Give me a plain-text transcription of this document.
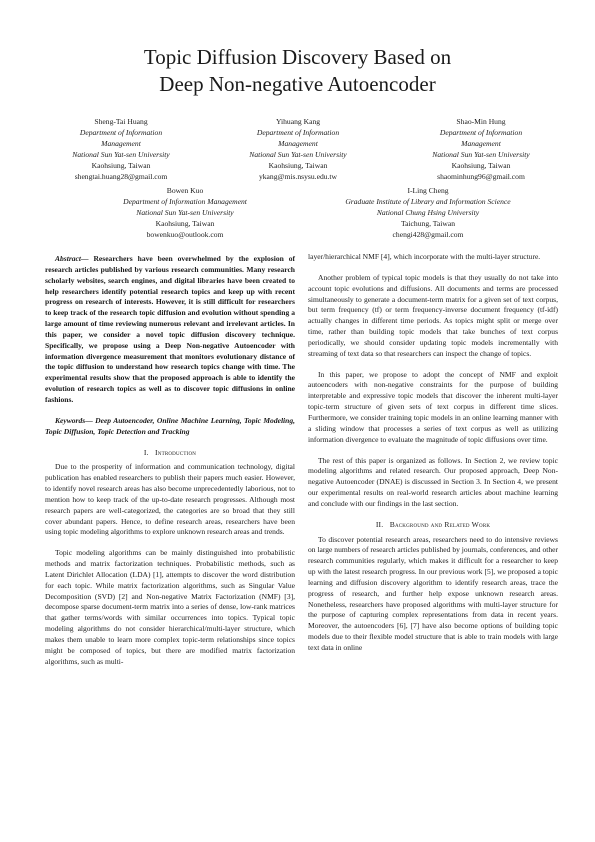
Topic Diffusion Discovery Based on
Deep Non-negative Autoencoder
Sheng-Tai Huang
Department of Information
Management
National Sun Yat-sen University
Kaohsiung, Taiwan
shengtai.huang28@gmail.com
Yihuang Kang
Department of Information
Management
National Sun Yat-sen University
Kaohsiung, Taiwan
ykang@mis.nsysu.edu.tw
Shao-Min Hung
Department of Information
Management
National Sun Yat-sen University
Kaohsiung, Taiwan
shaominhung96@gmail.com
Bowen Kuo
Department of Information Management
National Sun Yat-sen University
Kaohsiung, Taiwan
bowenkuo@outlook.com
I-Ling Cheng
Graduate Institute of Library and Information Science
National Chung Hsing University
Taichung, Taiwan
chengi428@gmail.com

Abstract— Researchers have been overwhelmed by the explosion of research articles published by various research communities. Many research scholarly websites, search engines, and digital libraries have been created to help researchers identify potential research topics and keep up with recent progress on research of interests. However, it is still difficult for researchers to keep track of the research topic diffusion and evolution without spending a large amount of time reviewing numerous relevant and irrelevant articles. In this paper, we consider a novel topic diffusion discovery technique. Specifically, we propose using a Deep Non-negative Autoencoder with information divergence measurement that monitors evolutionary distance of the topic diffusion to understand how research topics change with time. The experimental results show that the proposed approach is able to identify the evolution of research topics as well as to discover topic diffusions in online fashions.

Keywords— Deep Autoencoder, Online Machine Learning, Topic Modeling, Topic Diffusion, Topic Detection and Tracking

I. Introduction

Due to the prosperity of information and communication technology, digital publication has enabled researchers to publish their papers much easier. However, to identify novel research areas has also become unprecedentedly laborious, not to mention how to keep track of the up-to-date research progresses. Although most research papers are well-categorized, the categories are so broad that they still cover abundant papers. Hence, to define research areas, researchers have been using topic modeling algorithms to explore unknown research areas and trends.

Topic modeling algorithms can be mainly distinguished into probabilistic methods and matrix factorization techniques. Probabilistic methods, such as Latent Dirichlet Allocation (LDA) [1], attempts to discover the word distribution for each topic. While matrix factorization algorithms, such as Singular Value Decomposition (SVD) [2] and Non-negative Matrix Factorization (NMF) [3], decompose sparse document-term matrix into a series of dense, low-rank matrices that gather terms/words with similar occurrences into topics. Typical topic modeling algorithms do not consider hierarchical/multi-layer structure, which makes them unable to learn more complex topic-term relationships since topics might be composed of topics, but there are modified matrix factorization algorithms, such as multi-

layer/hierarchical NMF [4], which incorporate with the multi-layer structure.

Another problem of typical topic models is that they usually do not take into account topic evolutions and diffusions. All documents and terms are processed simultaneously to generate a document-term matrix for a given set of text corpus, but term frequency (tf) or term frequency-inverse document frequency (tf-idf) actually changes in different time periods. As topics might split or merge over time, rather than building topic models that take bunches of text corpus periodically, we should consider updating topic models incrementally with streaming of text data so that researchers can inspect the change of topics.

In this paper, we propose to adopt the concept of NMF and exploit autoencoders with non-negative constraints for the purpose of building interpretable and expressive topic models that discover the inherent multi-layer topic-term structure of given sets of text corpus in different time slices. Furthermore, we consider training topic models in an online learning manner with a sliding window that processes a series of text corpus as well as utilizing information divergence to evaluate the magnitude of topic diffusions over time.

The rest of this paper is organized as follows. In Section 2, we review topic modeling algorithms and related research. Our proposed approach, Deep Non-negative Autoencoder (DNAE) is discussed in Section 3. In Section 4, we present our experimental results on real-world research articles about machine learning and conclude with our findings in the last section.

II. Background and Related Work

To discover potential research areas, researchers need to do intensive reviews on large numbers of research articles published by journals, conferences, and other research communities regularly, which makes it difficult for a researcher to keep up with the latest research progress. In our previous work [5], we proposed a topic learning and diffusion discovery algorithm to identify research areas, trace the progress of research, and further help expose unknown research areas. Nonetheless, researchers have proposed algorithms with multi-layer structure for the purpose of capturing complex representations from data in recent years. Moreover, the autoencoders [6], [7] have also become options of building topic models due to their flexible model structure that is able to train models with large text data in online
